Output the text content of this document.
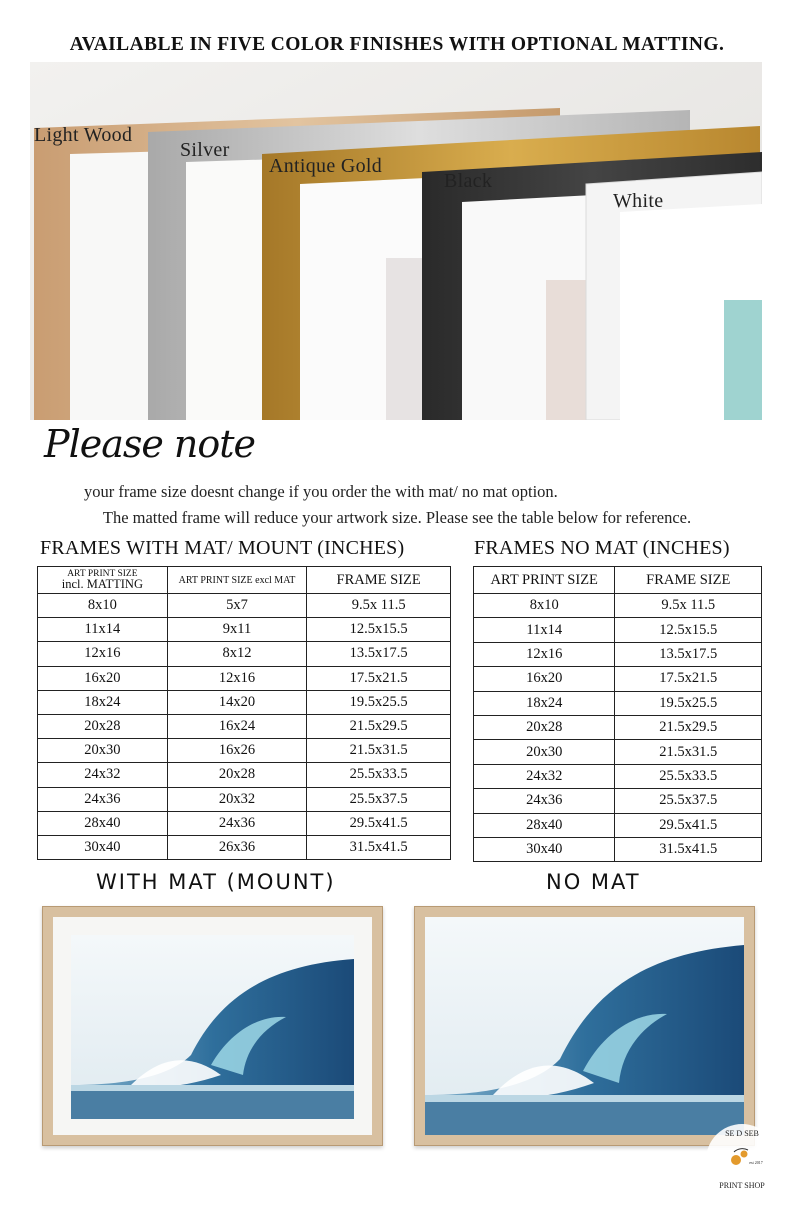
AVAILABLE IN FIVE COLOR FINISHES WITH OPTIONAL MATTING.
Light Wood
Silver
Antique Gold
Black
White
Please note
your frame size doesnt change if you order the with mat/ no mat option.
The matted frame will reduce your artwork size. Please see the table below for reference.
FRAMES WITH MAT/ MOUNT (INCHES)	FRAMES NO MAT (INCHES)
ART PRINT SIZE
incl. MATTING	ART PRINT SIZE excl MAT	FRAME SIZE
8x10	5x7	9.5x 11.5
11x14	9x11	12.5x15.5
12x16	8x12	13.5x17.5
16x20	12x16	17.5x21.5
18x24	14x20	19.5x25.5
20x28	16x24	21.5x29.5
20x30	16x26	21.5x31.5
24x32	20x28	25.5x33.5
24x36	20x32	25.5x37.5
28x40	24x36	29.5x41.5
30x40	26x36	31.5x41.5
ART PRINT SIZE	FRAME SIZE
8x10	9.5x 11.5
11x14	12.5x15.5
12x16	13.5x17.5
16x20	17.5x21.5
18x24	19.5x25.5
20x28	21.5x29.5
20x30	21.5x31.5
24x32	25.5x33.5
24x36	25.5x37.5
28x40	29.5x41.5
30x40	31.5x41.5
WITH MAT (MOUNT)	NO MAT
SE D SEB
est 2017
PRINT SHOP
